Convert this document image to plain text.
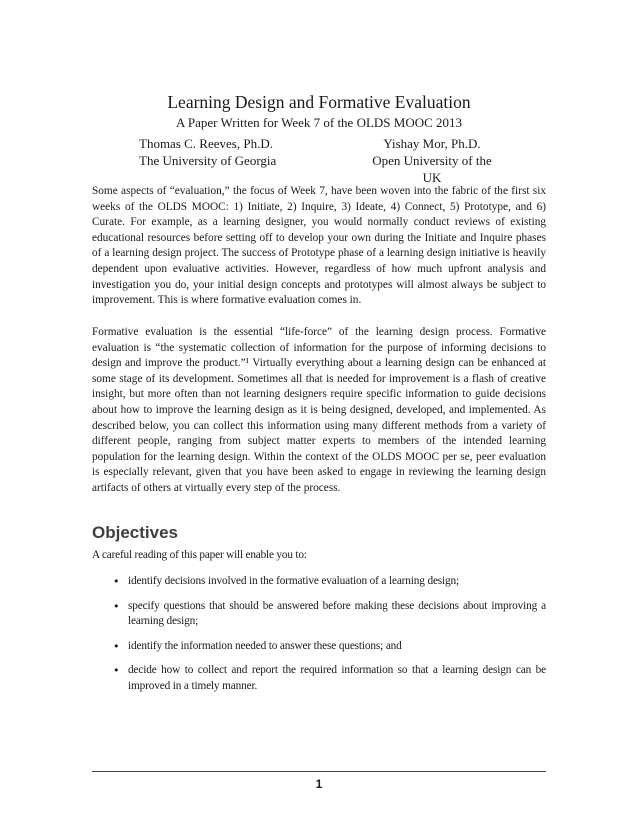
Learning Design and Formative Evaluation
A Paper Written for Week 7 of the OLDS MOOC 2013
Thomas C. Reeves, Ph.D.
The University of Georgia
Yishay Mor, Ph.D.
Open University of the UK

Some aspects of “evaluation,” the focus of Week 7, have been woven into the fabric of the first six weeks of the OLDS MOOC: 1) Initiate, 2) Inquire, 3) Ideate, 4) Connect, 5) Prototype, and 6) Curate. For example, as a learning designer, you would normally conduct reviews of existing educational resources before setting off to develop your own during the Initiate and Inquire phases of a learning design project. The success of Prototype phase of a learning design initiative is heavily dependent upon evaluative activities. However, regardless of how much upfront analysis and investigation you do, your initial design concepts and prototypes will almost always be subject to improvement. This is where formative evaluation comes in.

Formative evaluation is the essential “life-force” of the learning design process. Formative evaluation is “the systematic collection of information for the purpose of informing decisions to design and improve the product.”¹ Virtually everything about a learning design can be enhanced at some stage of its development. Sometimes all that is needed for improvement is a flash of creative insight, but more often than not learning designers require specific information to guide decisions about how to improve the learning design as it is being designed, developed, and implemented. As described below, you can collect this information using many different methods from a variety of different people, ranging from subject matter experts to members of the intended learning population for the learning design. Within the context of the OLDS MOOC per se, peer evaluation is especially relevant, given that you have been asked to engage in reviewing the learning design artifacts of others at virtually every step of the process.

Objectives
A careful reading of this paper will enable you to:
• identify decisions involved in the formative evaluation of a learning design;
• specify questions that should be answered before making these decisions about improving a learning design;
• identify the information needed to answer these questions; and
• decide how to collect and report the required information so that a learning design can be improved in a timely manner.
1
